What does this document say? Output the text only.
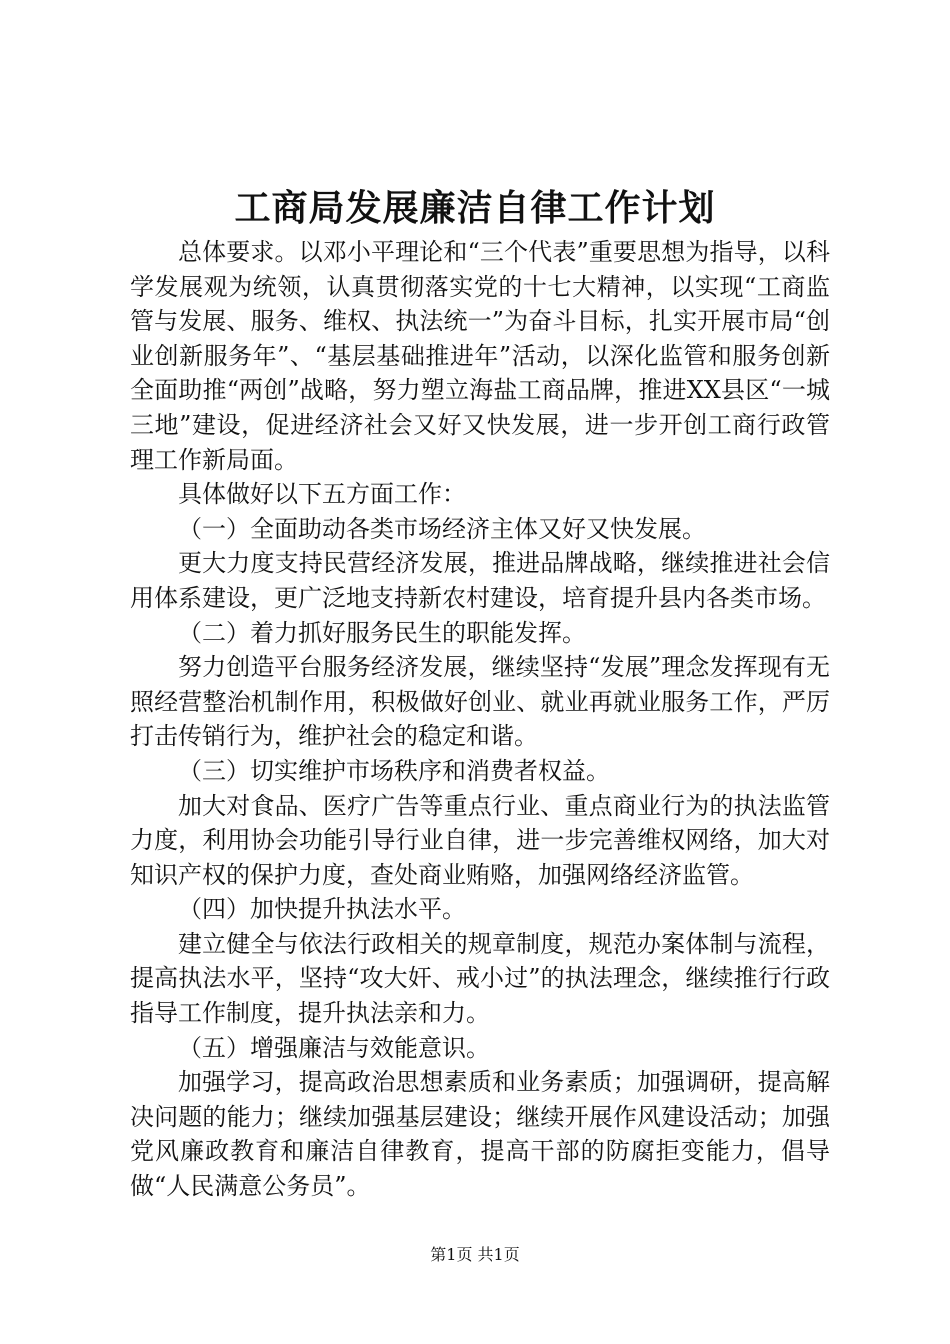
工商局发展廉洁自律工作计划

总体要求。以邓小平理论和“三个代表”重要思想为指导，以科学发展观为统领，认真贯彻落实党的十七大精神，以实现“工商监管与发展、服务、维权、执法统一”为奋斗目标，扎实开展市局“创业创新服务年”、“基层基础推进年”活动，以深化监管和服务创新全面助推“两创”战略，努力塑立海盐工商品牌，推进XX县区“一城三地”建设，促进经济社会又好又快发展，进一步开创工商行政管理工作新局面。

具体做好以下五方面工作：

（一）全面助动各类市场经济主体又好又快发展。

更大力度支持民营经济发展，推进品牌战略，继续推进社会信用体系建设，更广泛地支持新农村建设，培育提升县内各类市场。

（二）着力抓好服务民生的职能发挥。

努力创造平台服务经济发展，继续坚持“发展”理念发挥现有无照经营整治机制作用，积极做好创业、就业再就业服务工作，严厉打击传销行为，维护社会的稳定和谐。

（三）切实维护市场秩序和消费者权益。

加大对食品、医疗广告等重点行业、重点商业行为的执法监管力度，利用协会功能引导行业自律，进一步完善维权网络，加大对知识产权的保护力度，查处商业贿赂，加强网络经济监管。

（四）加快提升执法水平。

建立健全与依法行政相关的规章制度，规范办案体制与流程，提高执法水平，坚持“攻大奸、戒小过”的执法理念，继续推行行政指导工作制度，提升执法亲和力。

（五）增强廉洁与效能意识。

加强学习，提高政治思想素质和业务素质；加强调研，提高解决问题的能力；继续加强基层建设；继续开展作风建设活动；加强党风廉政教育和廉洁自律教育，提高干部的防腐拒变能力，倡导做“人民满意公务员”。

第1页 共1页
